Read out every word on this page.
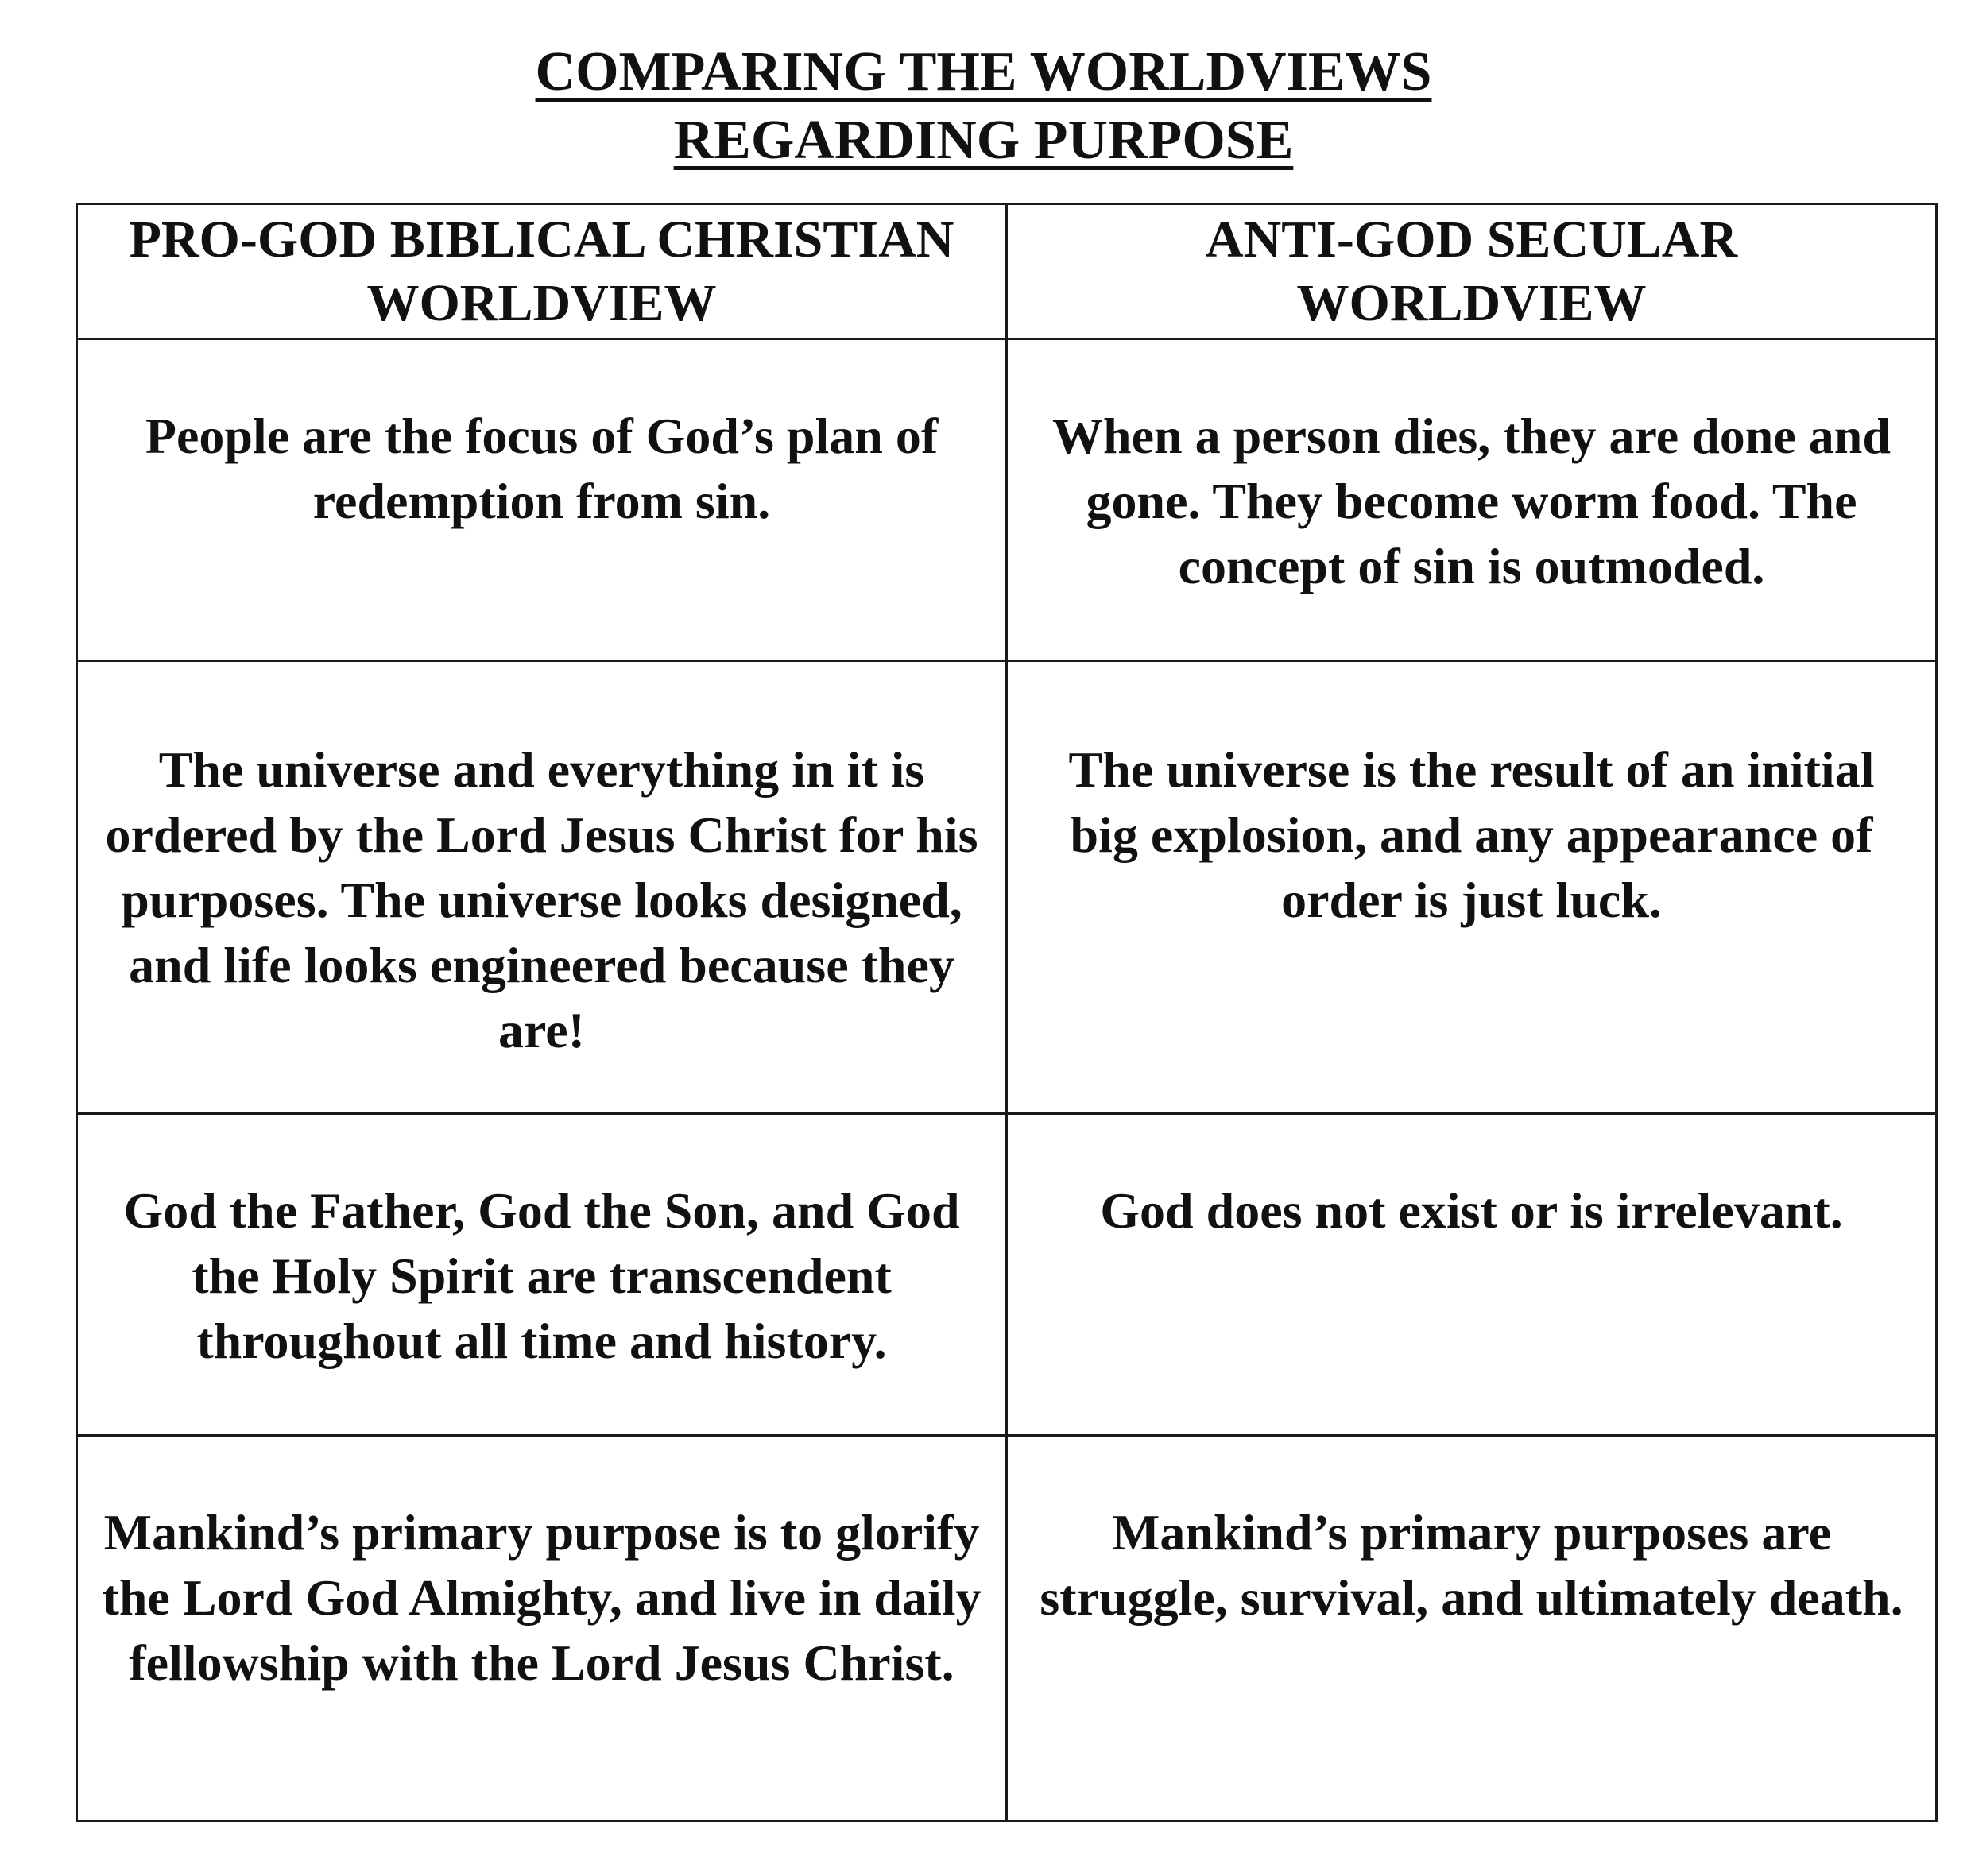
COMPARING THE WORLDVIEWS
REGARDING PURPOSE
PRO-GOD BIBLICAL CHRISTIAN WORLDVIEW	ANTI-GOD SECULAR WORLDVIEW
People are the focus of God’s plan of redemption from sin.	When a person dies, they are done and gone. They become worm food. The concept of sin is outmoded.
The universe and everything in it is ordered by the Lord Jesus Christ for his purposes. The universe looks designed, and life looks engineered because they are!	The universe is the result of an initial big explosion, and any appearance of order is just luck.
God the Father, God the Son, and God the Holy Spirit are transcendent throughout all time and history.	God does not exist or is irrelevant.
Mankind’s primary purpose is to glorify the Lord God Almighty, and live in daily fellowship with the Lord Jesus Christ.	Mankind’s primary purposes are struggle, survival, and ultimately death.
